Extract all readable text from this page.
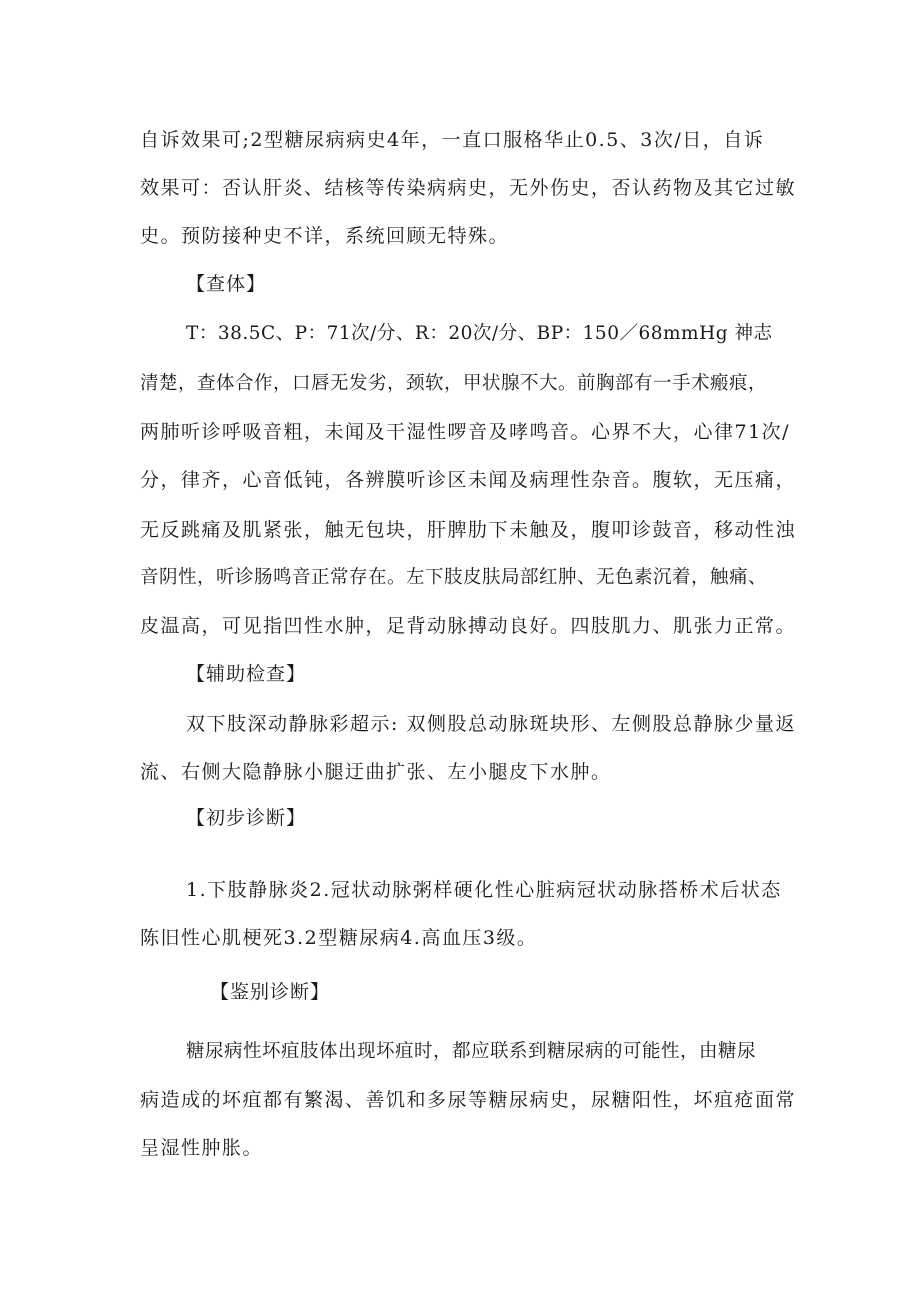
自诉效果可;2型糖尿病病史4年，一直口服格华止0.5、3次/日，自诉
效果可：否认肝炎、结核等传染病病史，无外伤史，否认药物及其它过敏
史。预防接种史不详，系统回顾无特殊。
【查体】
T：38.5C、P：71次/分、R：20次/分、BP：150／68mmHg 神志
清楚，查体合作，口唇无发劣，颈软，甲状腺不大。前胸部有一手术瘢痕，
两肺听诊呼吸音粗，未闻及干湿性啰音及哮鸣音。心界不大，心律71次/
分，律齐，心音低钝，各辨膜听诊区未闻及病理性杂音。腹软，无压痛，
无反跳痛及肌紧张，触无包块，肝脾肋下未触及，腹叩诊鼓音，移动性浊
音阴性，听诊肠鸣音正常存在。左下肢皮肤局部红肿、无色素沉着，触痛、
皮温高，可见指凹性水肿，足背动脉搏动良好。四肢肌力、肌张力正常。
【辅助检查】
双下肢深动静脉彩超示: 双侧股总动脉斑块形、左侧股总静脉少量返
流、右侧大隐静脉小腿迂曲扩张、左小腿皮下水肿。
【初步诊断】
1.下肢静脉炎2.冠状动脉粥样硬化性心脏病冠状动脉搭桥术后状态
陈旧性心肌梗死3.2型糖尿病4.高血压3级。
【鉴别诊断】
糖尿病性坏疽肢体出现坏疽时，都应联系到糖尿病的可能性，由糖尿
病造成的坏疽都有繁渴、善饥和多尿等糖尿病史，尿糖阳性，坏疽疮面常
呈湿性肿胀。
